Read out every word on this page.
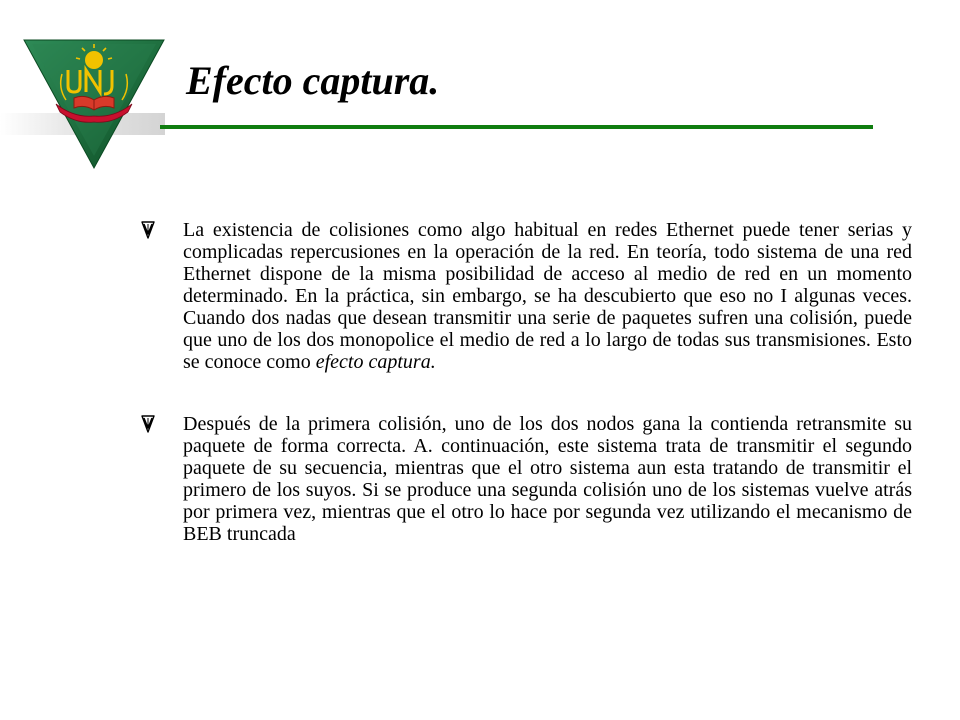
Efecto captura.

La existencia de colisiones como algo habitual en redes Ethernet puede tener serias y complicadas repercusiones en la operación de la red. En teoría, todo sistema de una red Ethernet dispone de la misma posibilidad de acceso al medio de red en un momento determinado. En la práctica, sin embargo, se ha descubierto que eso no I algunas veces. Cuando dos nadas que desean transmitir una serie de paquetes sufren una colisión, puede que uno de los dos monopolice el medio de red a lo largo de todas sus transmisiones. Esto se conoce como efecto captura.

Después de la primera colisión, uno de los dos nodos gana la contienda retransmite su paquete de forma correcta. A. continuación, este sistema trata de transmitir el segundo paquete de su secuencia, mientras que el otro sistema aun esta tratando de transmitir el primero de los suyos. Si se produce una segunda colisión uno de los sistemas vuelve atrás por primera vez, mientras que el otro lo hace por segunda vez utilizando el mecanismo de BEB truncada
